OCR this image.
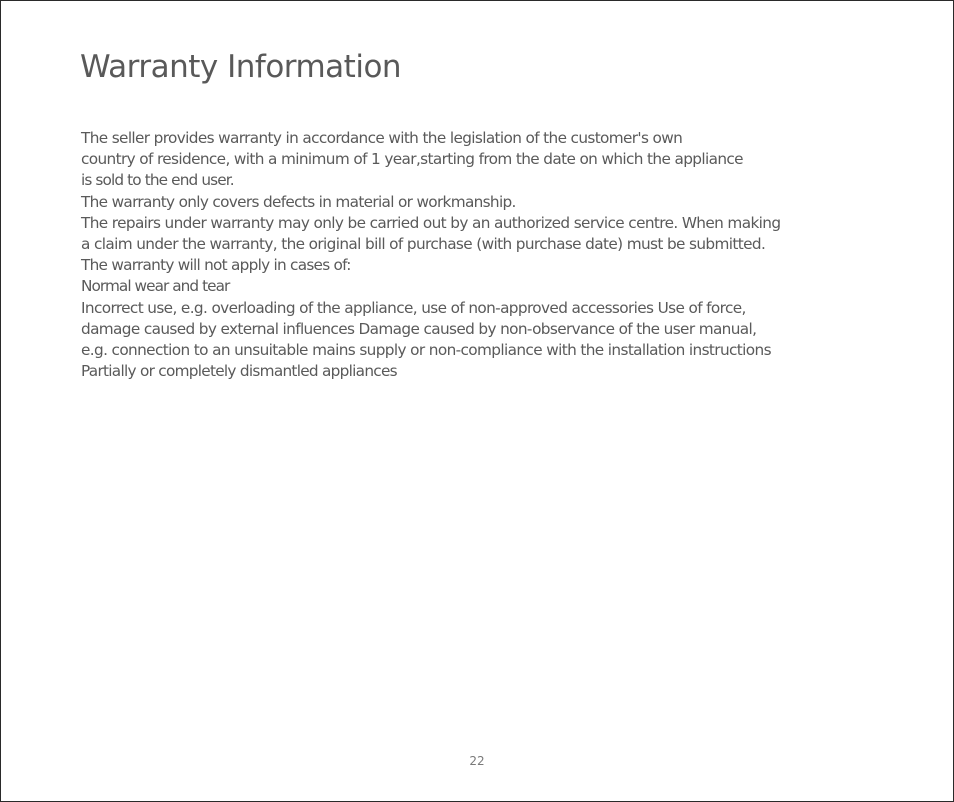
Warranty Information
The seller provides warranty in accordance with the legislation of the customer's own
country of residence, with a minimum of 1 year,starting from the date on which the appliance
is sold to the end user.
The warranty only covers defects in material or workmanship.
The repairs under warranty may only be carried out by an authorized service centre. When making
a claim under the warranty, the original bill of purchase (with purchase date) must be submitted.
The warranty will not apply in cases of:
Normal wear and tear
Incorrect use, e.g. overloading of the appliance, use of non-approved accessories Use of force,
damage caused by external influences Damage caused by non-observance of the user manual,
e.g. connection to an unsuitable mains supply or non-compliance with the installation instructions
Partially or completely dismantled appliances
22
